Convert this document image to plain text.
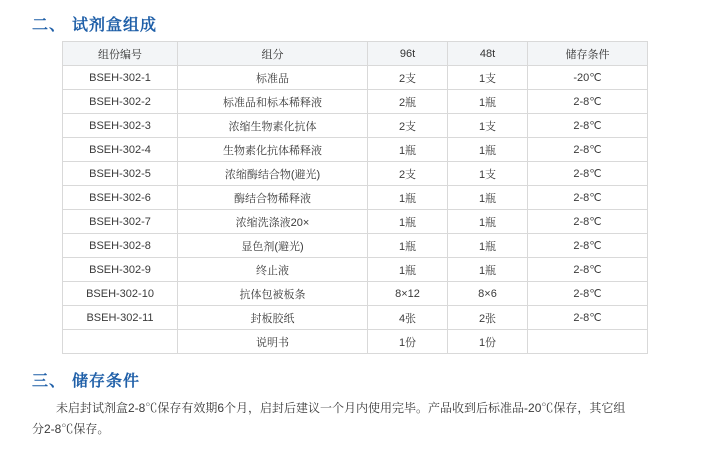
二、 试剂盒组成
组份编号	组分	96t	48t	储存条件
BSEH-302-1	标准品	2支	1支	-20℃
BSEH-302-2	标准品和标本稀释液	2瓶	1瓶	2-8℃
BSEH-302-3	浓缩生物素化抗体	2支	1支	2-8℃
BSEH-302-4	生物素化抗体稀释液	1瓶	1瓶	2-8℃
BSEH-302-5	浓缩酶结合物(避光)	2支	1支	2-8℃
BSEH-302-6	酶结合物稀释液	1瓶	1瓶	2-8℃
BSEH-302-7	浓缩洗涤液20×	1瓶	1瓶	2-8℃
BSEH-302-8	显色剂(避光)	1瓶	1瓶	2-8℃
BSEH-302-9	终止液	1瓶	1瓶	2-8℃
BSEH-302-10	抗体包被板条	8×12	8×6	2-8℃
BSEH-302-11	封板胶纸	4张	2张	2-8℃
	说明书	1份	1份	
三、 储存条件
未启封试剂盒2-8℃保存有效期6个月，启封后建议一个月内使用完毕。产品收到后标准品-20℃保存，其它组
分2-8℃保存。
